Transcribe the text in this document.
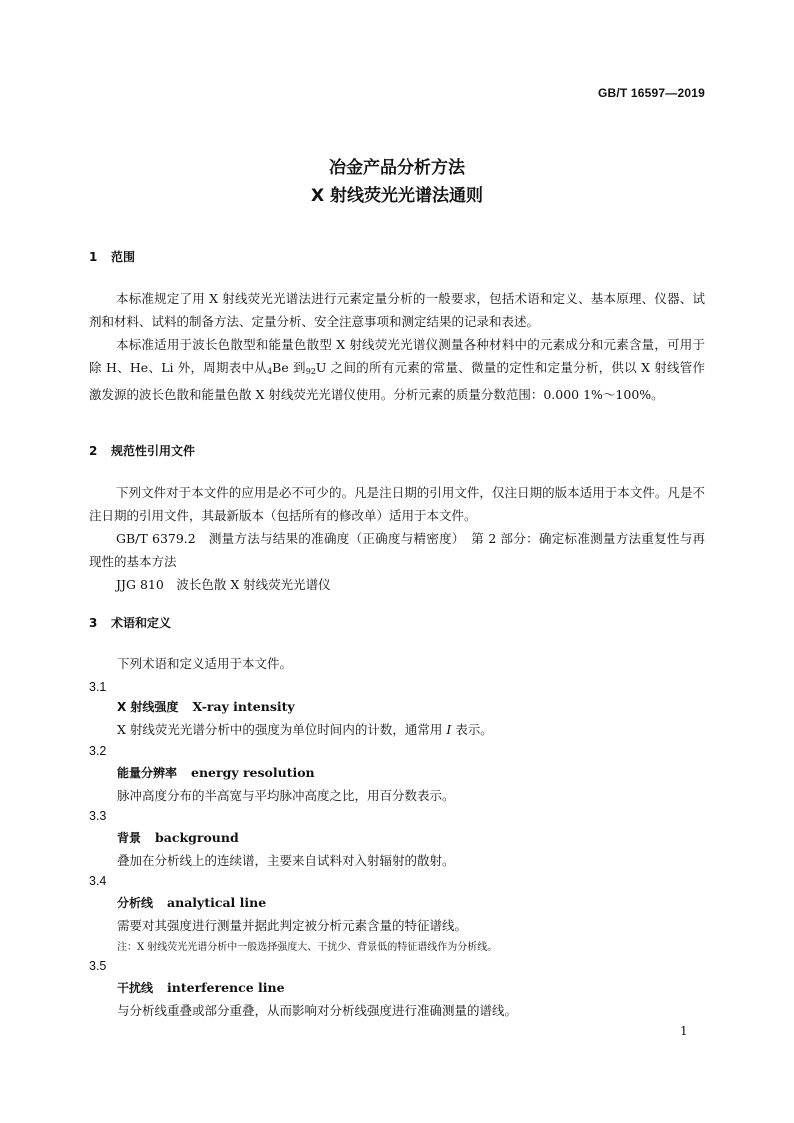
GB/T 16597—2019
冶金产品分析方法
X 射线荧光光谱法通则
1 范围

本标准规定了用 X 射线荧光光谱法进行元素定量分析的一般要求，包括术语和定义、基本原理、仪器、试剂和材料、试料的制备方法、定量分析、安全注意事项和测定结果的记录和表述。

本标准适用于波长色散型和能量色散型 X 射线荧光光谱仪测量各种材料中的元素成分和元素含量，可用于除 H、He、Li 外，周期表中从$_4$Be 到$_{92}$U 之间的所有元素的常量、微量的定性和定量分析，供以 X 射线管作激发源的波长色散和能量色散 X 射线荧光光谱仪使用。分析元素的质量分数范围：0.000 1%～100%。

2 规范性引用文件

下列文件对于本文件的应用是必不可少的。凡是注日期的引用文件，仅注日期的版本适用于本文件。凡是不注日期的引用文件，其最新版本（包括所有的修改单）适用于本文件。

GB/T 6379.2　测量方法与结果的准确度（正确度与精密度）　第 2 部分：确定标准测量方法重复性与再现性的基本方法

JJG 810　波长色散 X 射线荧光光谱仪

3 术语和定义
下列术语和定义适用于本文件。
3.1
X 射线强度 X-ray intensity
X 射线荧光光谱分析中的强度为单位时间内的计数，通常用 I 表示。
3.2
能量分辨率 energy resolution
脉冲高度分布的半高宽与平均脉冲高度之比，用百分数表示。
3.3
背景 background
叠加在分析线上的连续谱，主要来自试料对入射辐射的散射。
3.4
分析线 analytical line
需要对其强度进行测量并据此判定被分析元素含量的特征谱线。
注：X 射线荧光光谱分析中一般选择强度大、干扰少、背景低的特征谱线作为分析线。
3.5
干扰线 interference line
与分析线重叠或部分重叠，从而影响对分析线强度进行准确测量的谱线。
1
